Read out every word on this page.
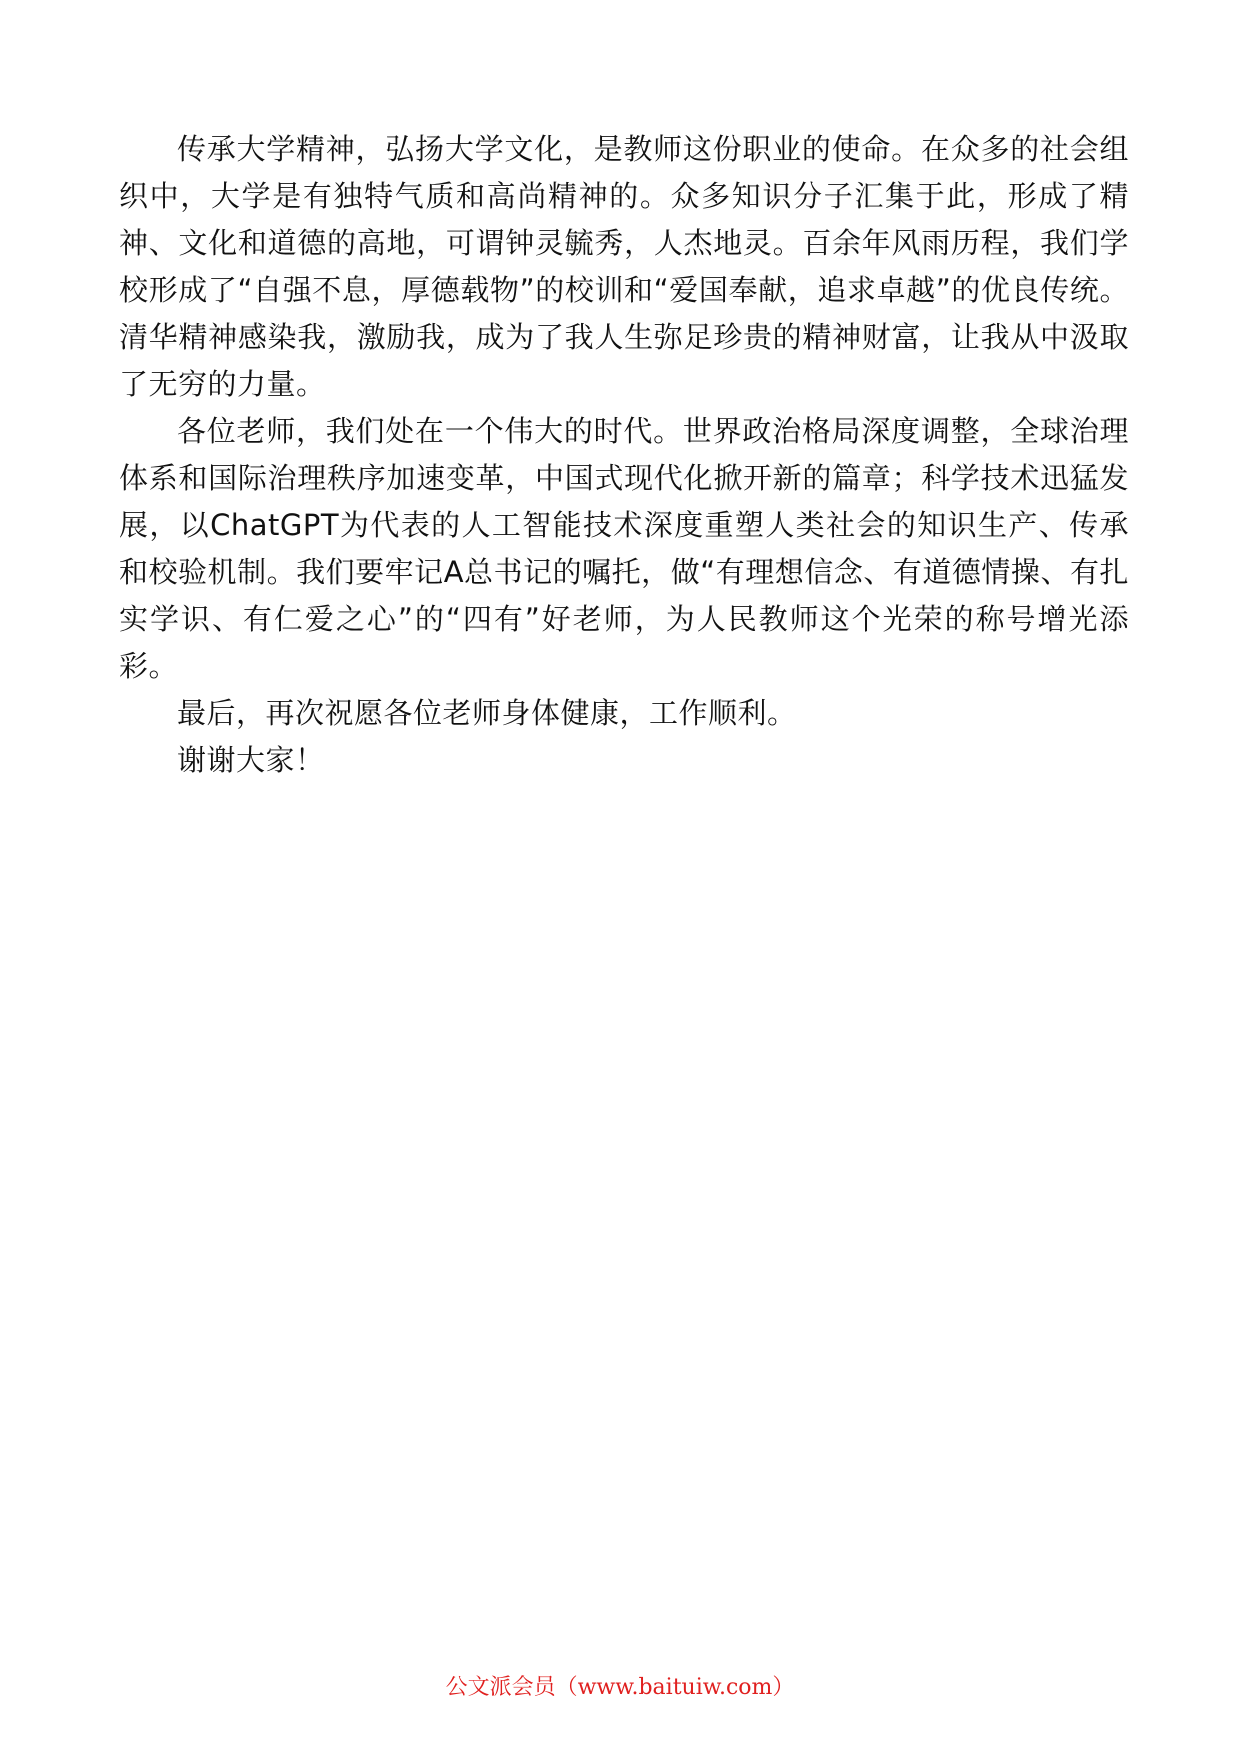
传承大学精神，弘扬大学文化，是教师这份职业的使命。在众多的社会组织中，大学是有独特气质和高尚精神的。众多知识分子汇集于此，形成了精神、文化和道德的高地，可谓钟灵毓秀，人杰地灵。百余年风雨历程，我们学校形成了“自强不息，厚德载物”的校训和“爱国奉献，追求卓越”的优良传统。清华精神感染我，激励我，成为了我人生弥足珍贵的精神财富，让我从中汲取了无穷的力量。

各位老师，我们处在一个伟大的时代。世界政治格局深度调整，全球治理体系和国际治理秩序加速变革，中国式现代化掀开新的篇章；科学技术迅猛发展，以ChatGPT为代表的人工智能技术深度重塑人类社会的知识生产、传承和校验机制。我们要牢记A总书记的嘱托，做“有理想信念、有道德情操、有扎实学识、有仁爱之心”的“四有”好老师，为人民教师这个光荣的称号增光添彩。

最后，再次祝愿各位老师身体健康，工作顺利。

谢谢大家！

公文派会员（www.baituiw.com）
